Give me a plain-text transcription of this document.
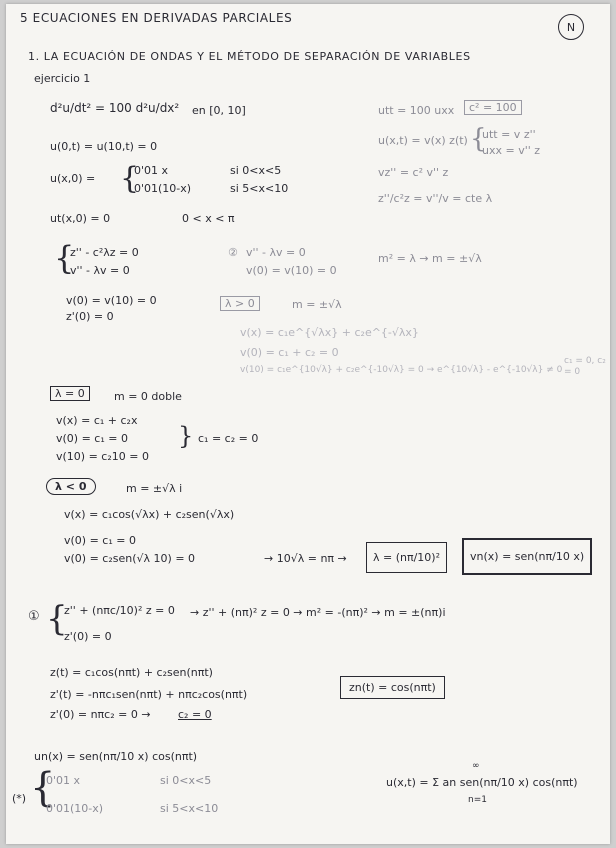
5 ECUACIONES EN DERIVADAS PARCIALES
N
1. LA ECUACIÓN DE ONDAS Y EL MÉTODO DE SEPARACIÓN DE VARIABLES
ejercicio 1
d²u/dt² = 100 d²u/dx² en [0, 10]
u(0,t) = u(10,t) = 0
u(x,0) = {
0'01 x	si 0<x<5
0'01(10-x)	si 5<x<10
ut(x,0) = 0	0 < x < π
utt = 100 uxx	c² = 100
u(x,t) = v(x) z(t) {
utt = v z''
uxx = v'' z
vz'' = c² v'' z
z''/c²z = v''/v = cte λ
{
z'' - c²λz = 0
v'' - λv = 0
v(0) = v(10) = 0
z'(0) = 0
② v'' - λv = 0
v(0) = v(10) = 0
m² = λ → m = ±√λ
λ > 0	m = ±√λ
v(x) = c₁e^{√λx} + c₂e^{-√λx}
v(0) = c₁ + c₂ = 0
v(10) = c₁e^{10√λ} + c₂e^{-10√λ} = 0 → e^{10√λ} - e^{-10√λ} ≠ 0
c₁ = 0, c₂ = 0
λ = 0	m = 0 doble
v(x) = c₁ + c₂x
v(0) = c₁ = 0
v(10) = c₂10 = 0
} c₁ = c₂ = 0
λ < 0	m = ±√λ i
v(x) = c₁cos(√λx) + c₂sen(√λx)
v(0) = c₁ = 0
v(0) = c₂sen(√λ 10) = 0	→ 10√λ = nπ →	λ = (nπ/10)²	vn(x) = sen(nπ/10 x)
① {
z'' + (nπc/10)² z = 0 → z'' + (nπ)² z = 0 → m² = -(nπ)² → m = ±(nπ)i
z'(0) = 0
z(t) = c₁cos(nπt) + c₂sen(nπt)
z'(t) = -nπc₁sen(nπt) + nπc₂cos(nπt)
z'(0) = nπc₂ = 0 → c₂ = 0
zn(t) = cos(nπt)
un(x) = sen(nπ/10 x) cos(nπt)
(*) {
0'01 x	si 0<x<5
0'01(10-x)	si 5<x<10
∞
u(x,t) = Σ an sen(nπ/10 x) cos(nπt)
n=1
